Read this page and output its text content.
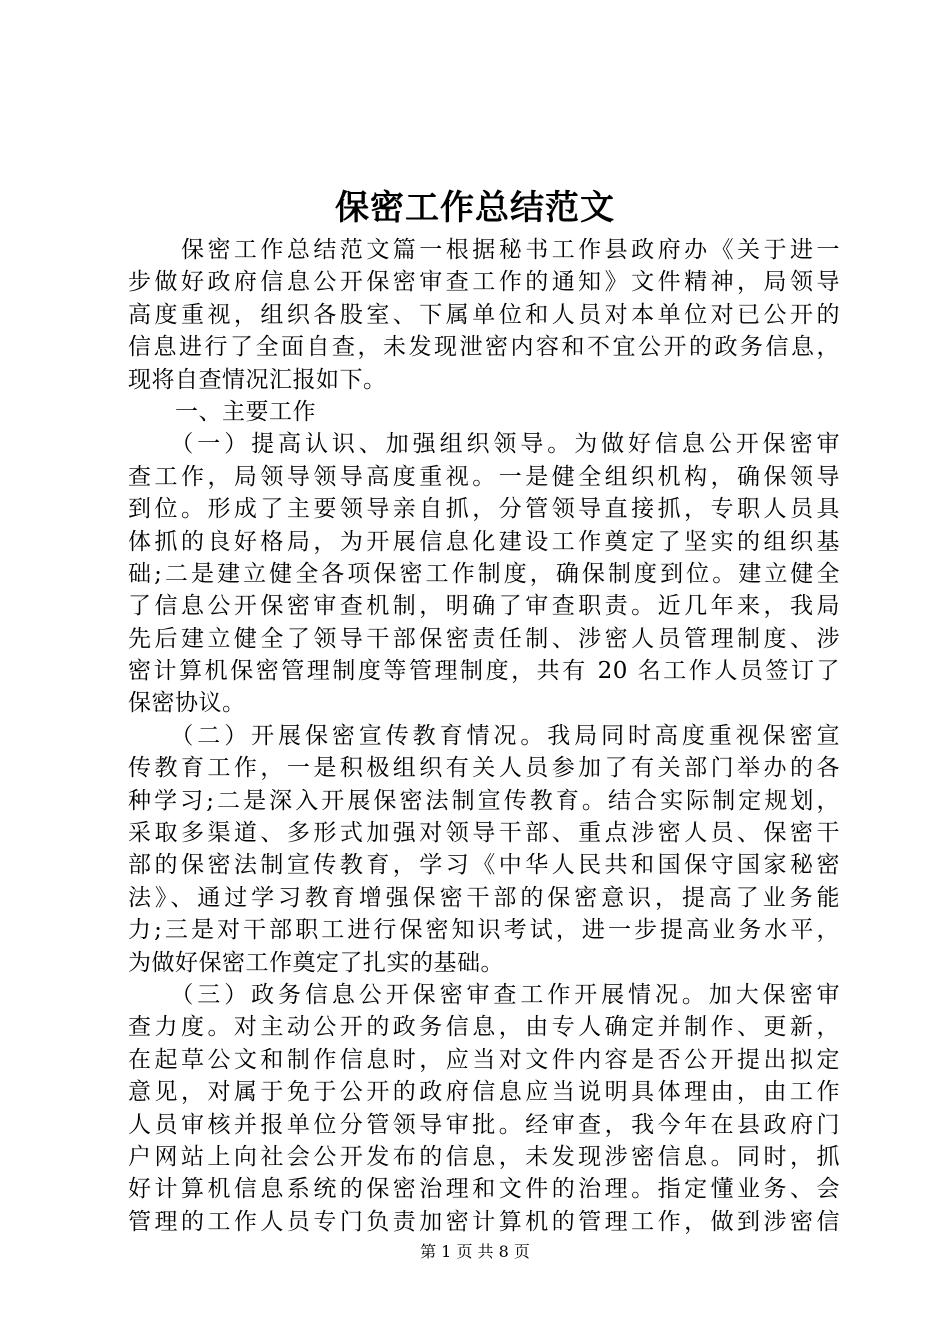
保密工作总结范文
　　保密工作总结范文篇一根据秘书工作县政府办《关于进一
步做好政府信息公开保密审查工作的通知》文件精神，局领导
高度重视，组织各股室、下属单位和人员对本单位对已公开的
信息进行了全面自查，未发现泄密内容和不宜公开的政务信息，
现将自查情况汇报如下。
　　一、主要工作
　　（一）提高认识、加强组织领导。为做好信息公开保密审
查工作，局领导领导高度重视。一是健全组织机构，确保领导
到位。形成了主要领导亲自抓，分管领导直接抓，专职人员具
体抓的良好格局，为开展信息化建设工作奠定了坚实的组织基
础;二是建立健全各项保密工作制度，确保制度到位。建立健全
了信息公开保密审查机制，明确了审查职责。近几年来，我局
先后建立健全了领导干部保密责任制、涉密人员管理制度、涉
密计算机保密管理制度等管理制度，共有 20 名工作人员签订了
保密协议。
　　（二）开展保密宣传教育情况。我局同时高度重视保密宣
传教育工作，一是积极组织有关人员参加了有关部门举办的各
种学习;二是深入开展保密法制宣传教育。结合实际制定规划，
采取多渠道、多形式加强对领导干部、重点涉密人员、保密干
部的保密法制宣传教育，学习《中华人民共和国保守国家秘密
法》、通过学习教育增强保密干部的保密意识，提高了业务能
力;三是对干部职工进行保密知识考试，进一步提高业务水平，
为做好保密工作奠定了扎实的基础。
　　（三）政务信息公开保密审查工作开展情况。加大保密审
查力度。对主动公开的政务信息，由专人确定并制作、更新，
在起草公文和制作信息时，应当对文件内容是否公开提出拟定
意见，对属于免于公开的政府信息应当说明具体理由，由工作
人员审核并报单位分管领导审批。经审查，我今年在县政府门
户网站上向社会公开发布的信息，未发现涉密信息。同时，抓
好计算机信息系统的保密治理和文件的治理。指定懂业务、会
管理的工作人员专门负责加密计算机的管理工作，做到涉密信
第 1 页 共 8 页
